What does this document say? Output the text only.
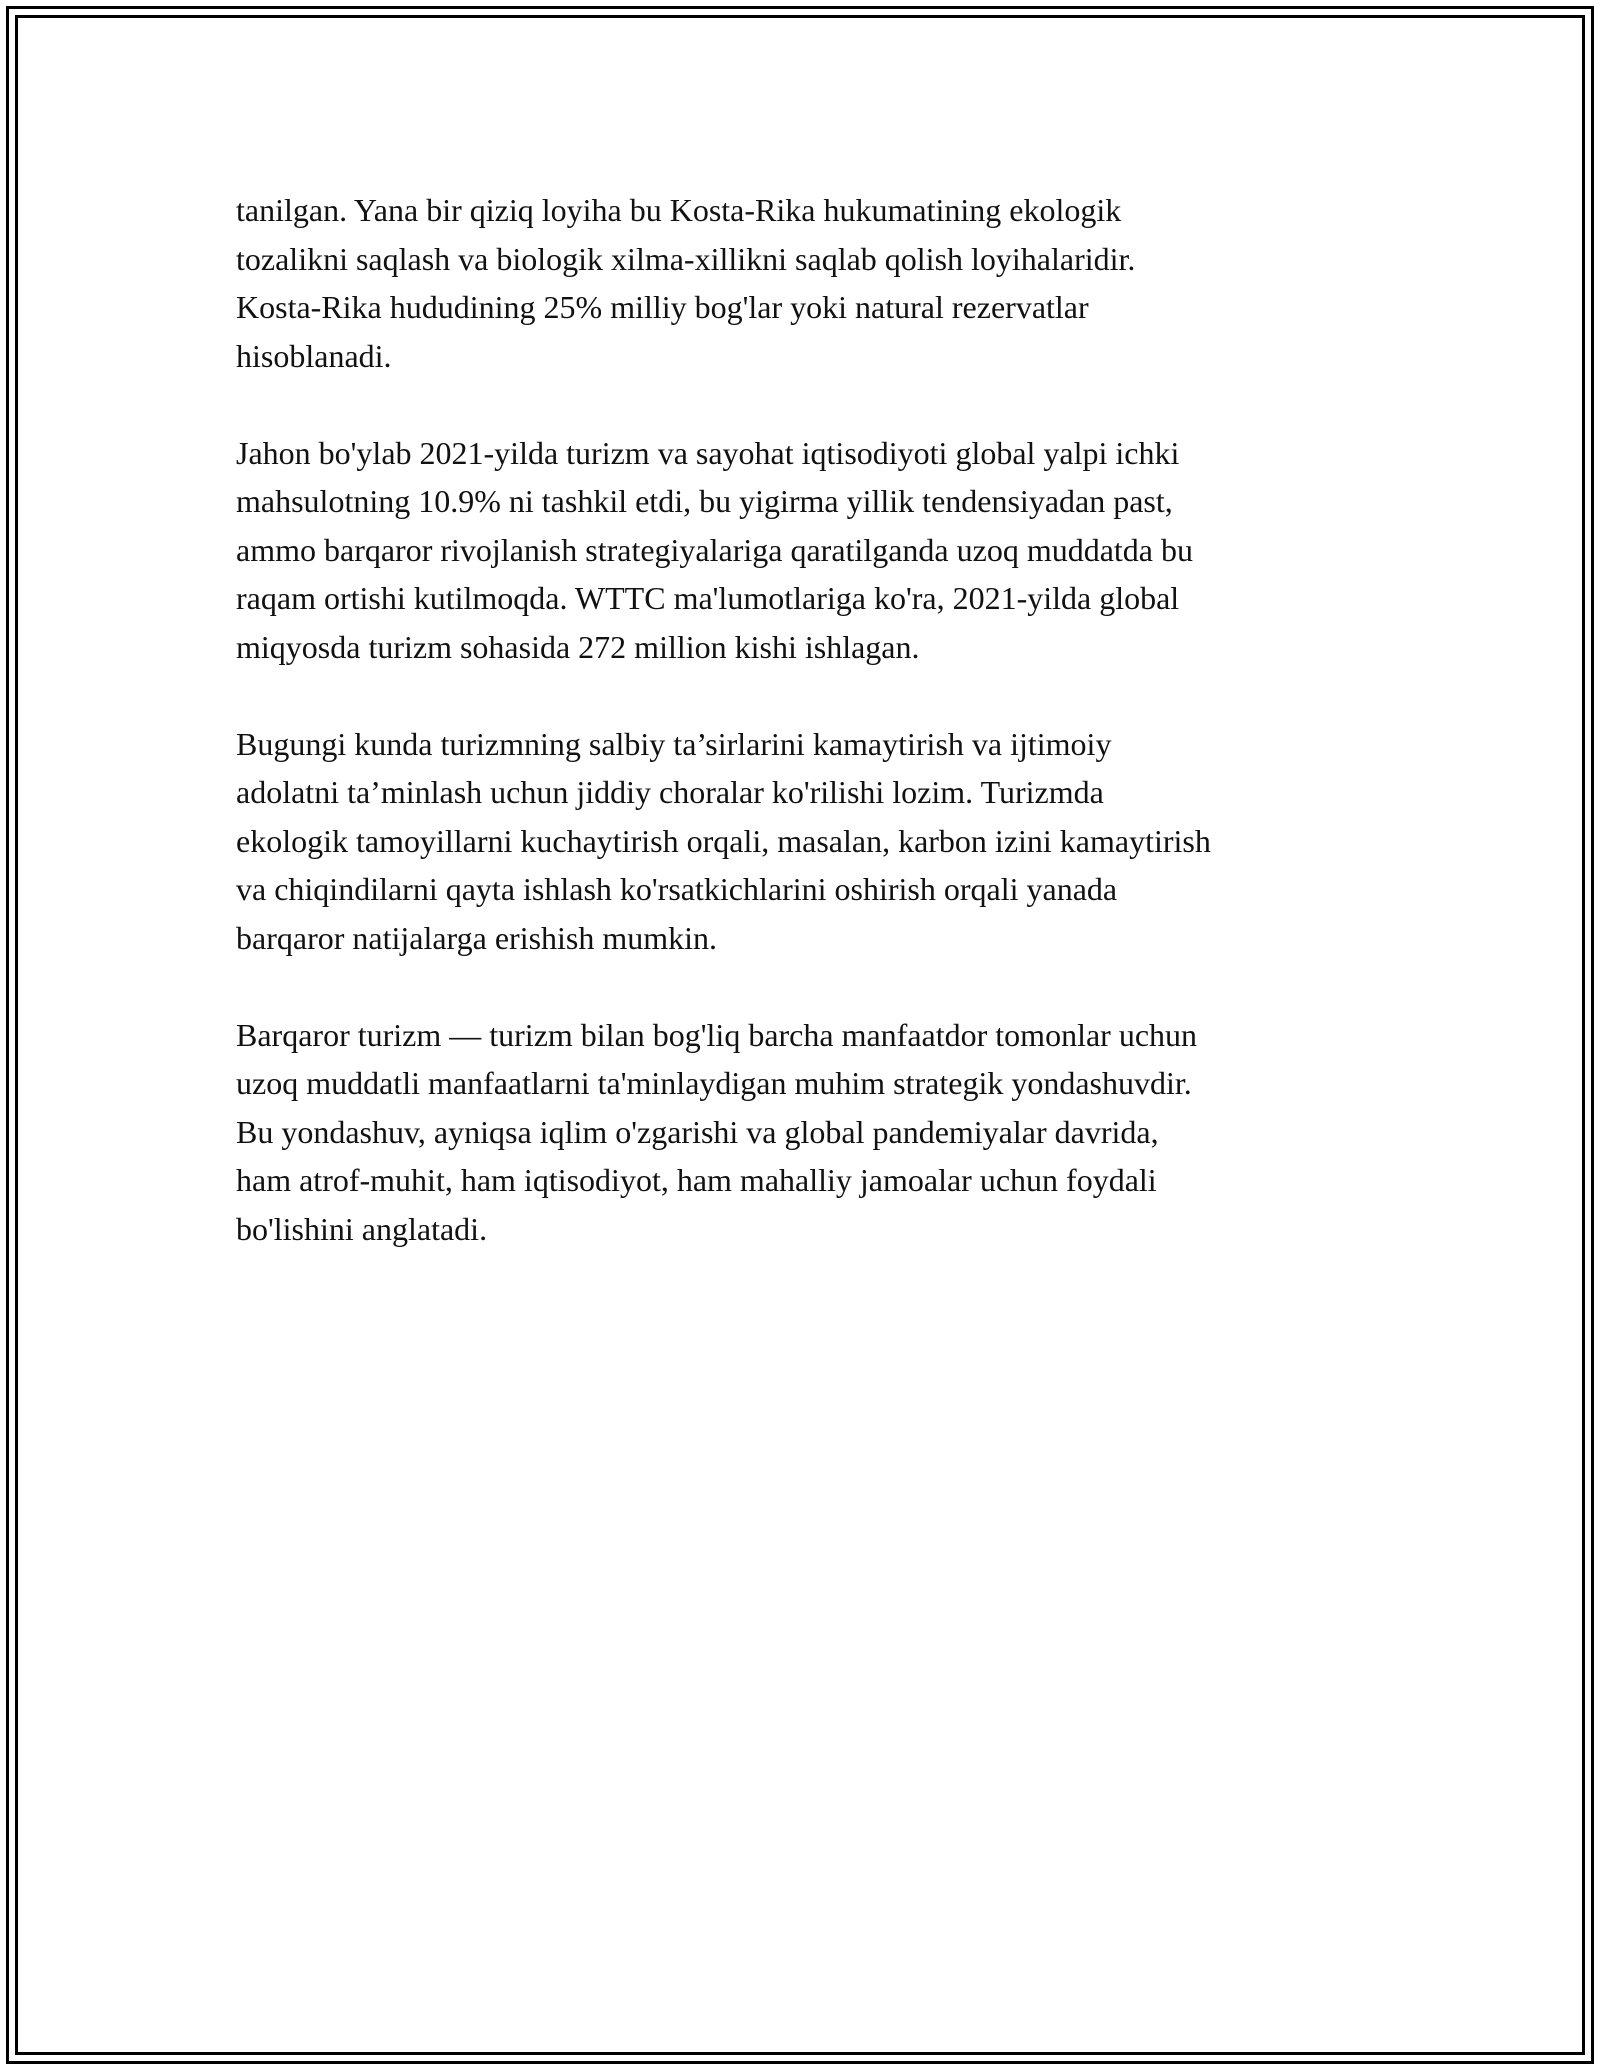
tanilgan. Yana bir qiziq loyiha bu Kosta-Rika hukumatining ekologik
tozalikni saqlash va biologik xilma-xillikni saqlab qolish loyihalaridir.
Kosta-Rika hududining 25% milliy bog'lar yoki natural rezervatlar
hisoblanadi.

Jahon bo'ylab 2021-yilda turizm va sayohat iqtisodiyoti global yalpi ichki
mahsulotning 10.9% ni tashkil etdi, bu yigirma yillik tendensiyadan past,
ammo barqaror rivojlanish strategiyalariga qaratilganda uzoq muddatda bu
raqam ortishi kutilmoqda. WTTC ma'lumotlariga ko'ra, 2021-yilda global
miqyosda turizm sohasida 272 million kishi ishlagan.

Bugungi kunda turizmning salbiy ta’sirlarini kamaytirish va ijtimoiy
adolatni ta’minlash uchun jiddiy choralar ko'rilishi lozim. Turizmda
ekologik tamoyillarni kuchaytirish orqali, masalan, karbon izini kamaytirish
va chiqindilarni qayta ishlash ko'rsatkichlarini oshirish orqali yanada
barqaror natijalarga erishish mumkin.

Barqaror turizm — turizm bilan bog'liq barcha manfaatdor tomonlar uchun
uzoq muddatli manfaatlarni ta'minlaydigan muhim strategik yondashuvdir.
Bu yondashuv, ayniqsa iqlim o'zgarishi va global pandemiyalar davrida,
ham atrof-muhit, ham iqtisodiyot, ham mahalliy jamoalar uchun foydali
bo'lishini anglatadi.
